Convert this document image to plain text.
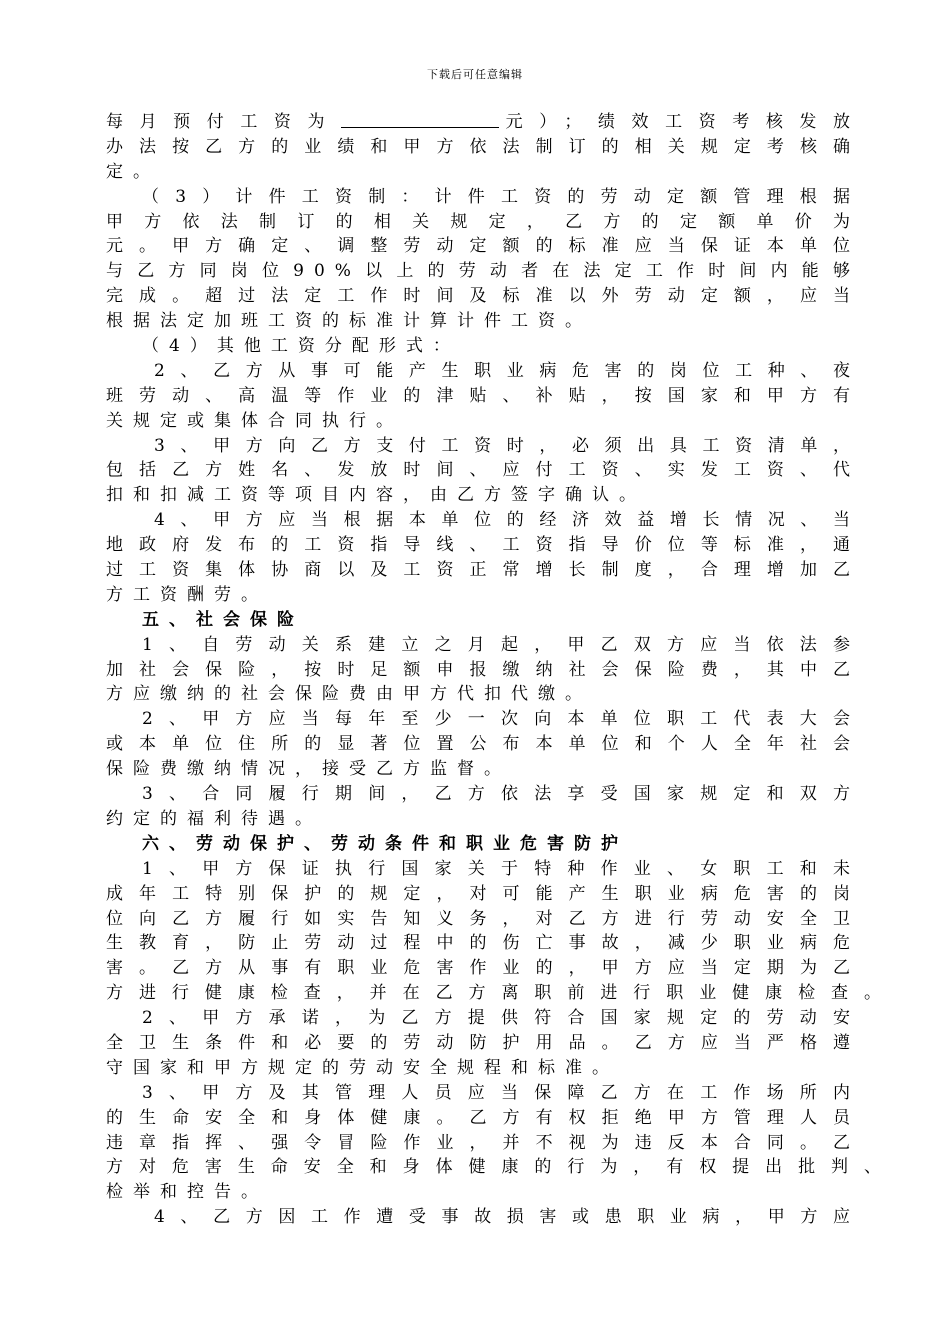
下载后可任意编辑
每月预付工资为	元）；绩效工资考核发放
办法按乙方的业绩和甲方依法制订的相关规定考核确
定。
（3）计件工资制：计件工资的劳动定额管理根据
甲方依法制订的相关规定，乙方的定额单价为
元。甲方确定、调整劳动定额的标准应当保证本单位
与乙方同岗位90%以上的劳动者在法定工作时间内能够
完成。超过法定工作时间及标准以外劳动定额，应当
根据法定加班工资的标准计算计件工资。
（4）其他工资分配形式：
2、乙方从事可能产生职业病危害的岗位工种、夜
班劳动、高温等作业的津贴、补贴，按国家和甲方有
关规定或集体合同执行。
3、甲方向乙方支付工资时，必须出具工资清单，
包括乙方姓名、发放时间、应付工资、实发工资、代
扣和扣减工资等项目内容，由乙方签字确认。
4、甲方应当根据本单位的经济效益增长情况、当
地政府发布的工资指导线、工资指导价位等标准，通
过工资集体协商以及工资正常增长制度，合理增加乙
方工资酬劳。
五、社会保险
1、自劳动关系建立之月起，甲乙双方应当依法参
加社会保险，按时足额申报缴纳社会保险费，其中乙
方应缴纳的社会保险费由甲方代扣代缴。
2、甲方应当每年至少一次向本单位职工代表大会
或本单位住所的显著位置公布本单位和个人全年社会
保险费缴纳情况，接受乙方监督。
3、合同履行期间，乙方依法享受国家规定和双方
约定的福利待遇。
六、劳动保护、劳动条件和职业危害防护
1、甲方保证执行国家关于特种作业、女职工和未
成年工特别保护的规定，对可能产生职业病危害的岗
位向乙方履行如实告知义务，对乙方进行劳动安全卫
生教育，防止劳动过程中的伤亡事故，减少职业病危
害。乙方从事有职业危害作业的，甲方应当定期为乙
方进行健康检查，并在乙方离职前进行职业健康检查。
2、甲方承诺，为乙方提供符合国家规定的劳动安
全卫生条件和必要的劳动防护用品。乙方应当严格遵
守国家和甲方规定的劳动安全规程和标准。
3、甲方及其管理人员应当保障乙方在工作场所内
的生命安全和身体健康。乙方有权拒绝甲方管理人员
违章指挥、强令冒险作业，并不视为违反本合同。乙
方对危害生命安全和身体健康的行为，有权提出批判、
检举和控告。
4、乙方因工作遭受事故损害或患职业病，甲方应
